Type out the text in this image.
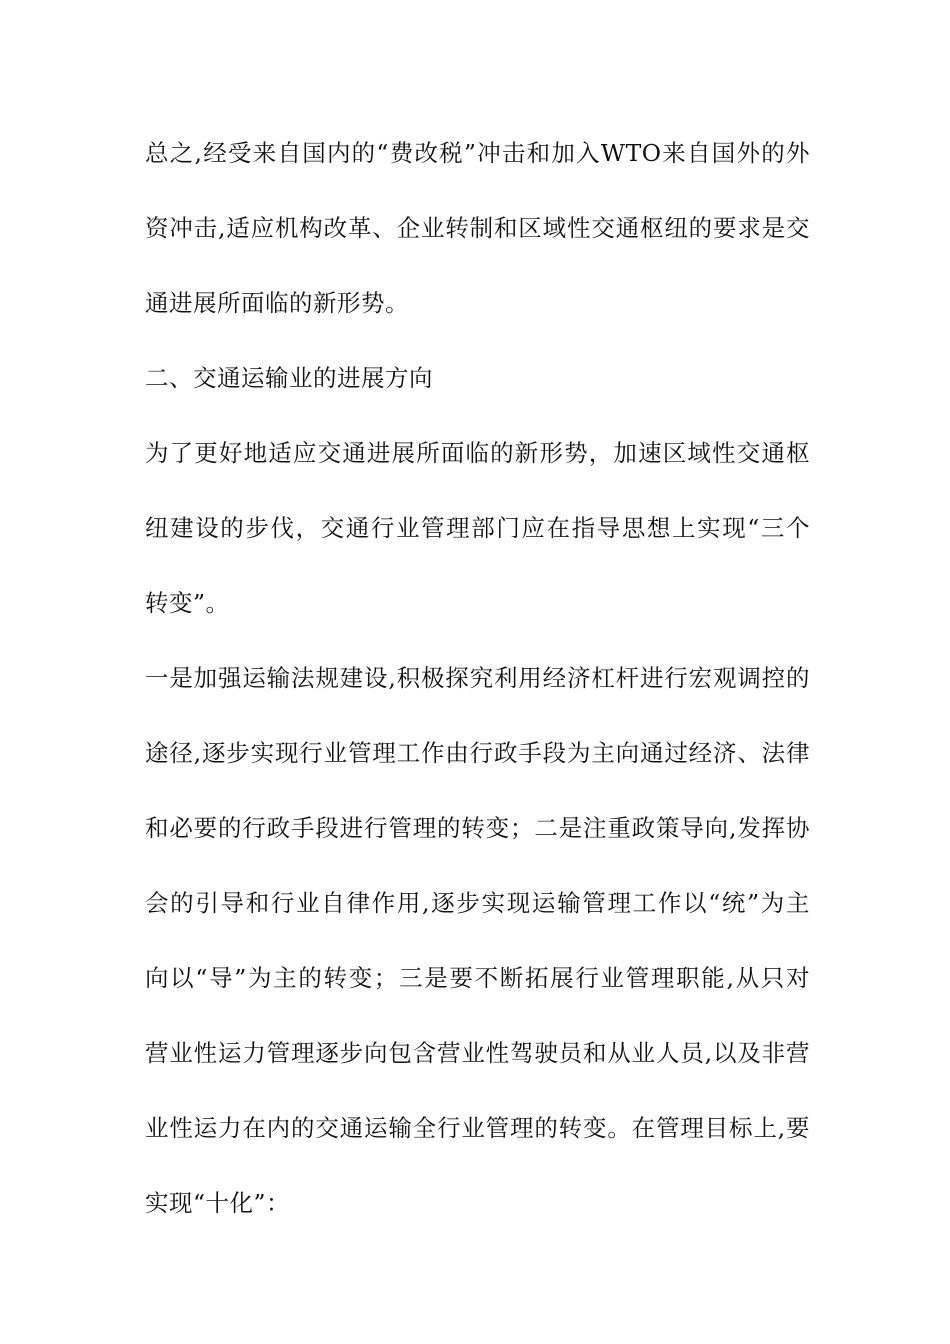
总之,经受来自国内的“费改税”冲击和加入WTO来自国外的外
资冲击,适应机构改革、企业转制和区域性交通枢纽的要求是交
通进展所面临的新形势。
二、交通运输业的进展方向
为了更好地适应交通进展所面临的新形势，加速区域性交通枢
纽建设的步伐，交通行业管理部门应在指导思想上实现“三个
转变”。
一是加强运输法规建设,积极探究利用经济杠杆进行宏观调控的
途径,逐步实现行业管理工作由行政手段为主向通过经济、法律
和必要的行政手段进行管理的转变；二是注重政策导向,发挥协
会的引导和行业自律作用,逐步实现运输管理工作以“统”为主
向以“导”为主的转变；三是要不断拓展行业管理职能,从只对
营业性运力管理逐步向包含营业性驾驶员和从业人员,以及非营
业性运力在内的交通运输全行业管理的转变。在管理目标上,要
实现“十化”：
